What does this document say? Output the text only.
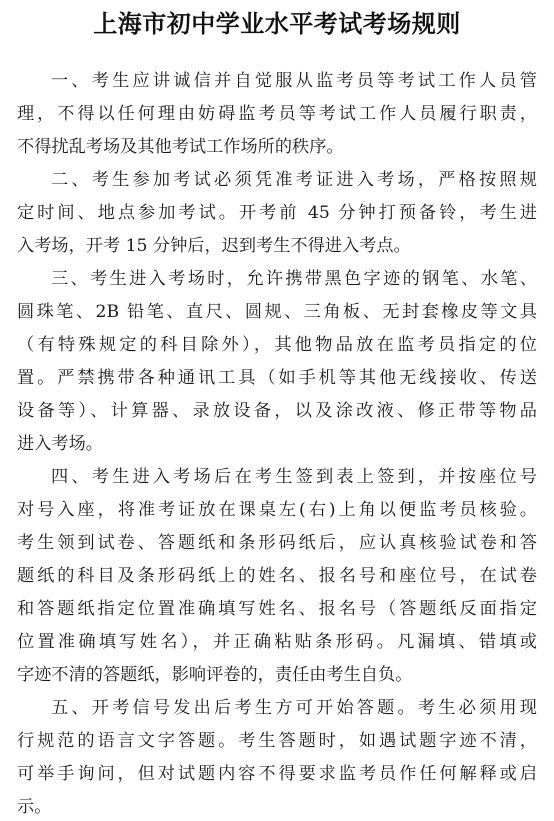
上海市初中学业水平考试考场规则
一、考生应讲诚信并自觉服从监考员等考试工作人员管
理，不得以任何理由妨碍监考员等考试工作人员履行职责，
不得扰乱考场及其他考试工作场所的秩序。
二、考生参加考试必须凭准考证进入考场，严格按照规
定时间、地点参加考试。开考前 45 分钟打预备铃，考生进
入考场，开考 15 分钟后，迟到考生不得进入考点。
三、考生进入考场时，允许携带黑色字迹的钢笔、水笔、
圆珠笔、2B 铅笔、直尺、圆规、三角板、无封套橡皮等文具
（有特殊规定的科目除外），其他物品放在监考员指定的位
置。严禁携带各种通讯工具（如手机等其他无线接收、传送
设备等）、计算器、录放设备，以及涂改液、修正带等物品
进入考场。
四、考生进入考场后在考生签到表上签到，并按座位号
对号入座，将准考证放在课桌左(右)上角以便监考员核验。
考生领到试卷、答题纸和条形码纸后，应认真核验试卷和答
题纸的科目及条形码纸上的姓名、报名号和座位号，在试卷
和答题纸指定位置准确填写姓名、报名号（答题纸反面指定
位置准确填写姓名），并正确粘贴条形码。凡漏填、错填或
字迹不清的答题纸，影响评卷的，责任由考生自负。
五、开考信号发出后考生方可开始答题。考生必须用现
行规范的语言文字答题。考生答题时，如遇试题字迹不清，
可举手询问，但对试题内容不得要求监考员作任何解释或启
示。
